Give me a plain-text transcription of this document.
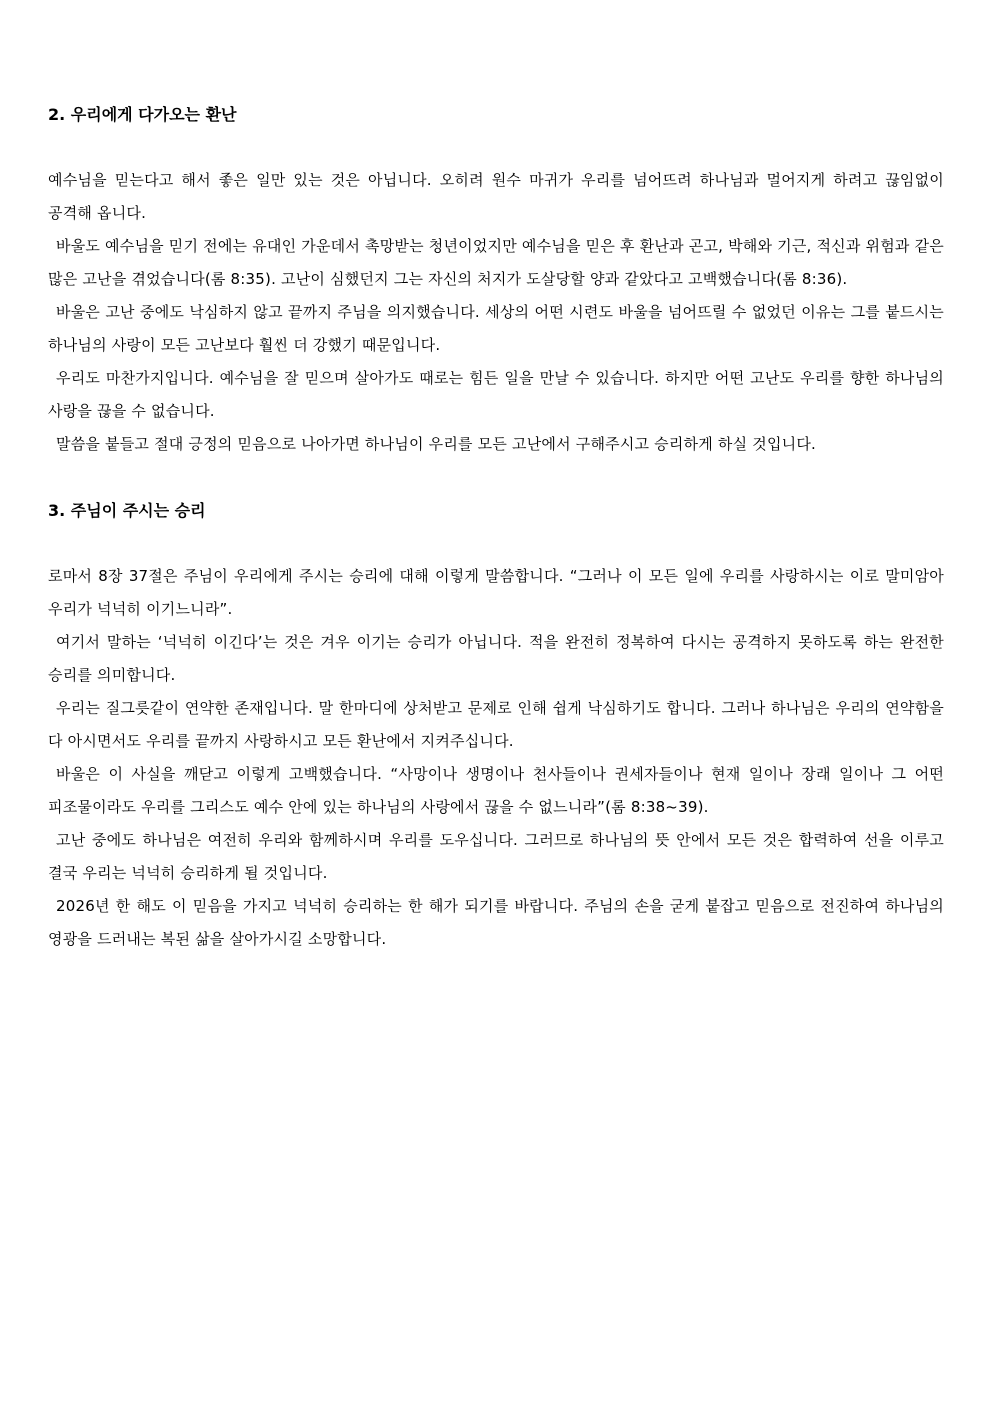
2. 우리에게 다가오는 환난

예수님을 믿는다고 해서 좋은 일만 있는 것은 아닙니다. 오히려 원수 마귀가 우리를 넘어뜨려 하나님과 멀어지게 하려고 끊임없이 공격해 옵니다.

바울도 예수님을 믿기 전에는 유대인 가운데서 촉망받는 청년이었지만 예수님을 믿은 후 환난과 곤고, 박해와 기근, 적신과 위험과 같은 많은 고난을 겪었습니다(롬 8:35). 고난이 심했던지 그는 자신의 처지가 도살당할 양과 같았다고 고백했습니다(롬 8:36).

바울은 고난 중에도 낙심하지 않고 끝까지 주님을 의지했습니다. 세상의 어떤 시련도 바울을 넘어뜨릴 수 없었던 이유는 그를 붙드시는 하나님의 사랑이 모든 고난보다 훨씬 더 강했기 때문입니다.

우리도 마찬가지입니다. 예수님을 잘 믿으며 살아가도 때로는 힘든 일을 만날 수 있습니다. 하지만 어떤 고난도 우리를 향한 하나님의 사랑을 끊을 수 없습니다.

말씀을 붙들고 절대 긍정의 믿음으로 나아가면 하나님이 우리를 모든 고난에서 구해주시고 승리하게 하실 것입니다.

3. 주님이 주시는 승리

로마서 8장 37절은 주님이 우리에게 주시는 승리에 대해 이렇게 말씀합니다. “그러나 이 모든 일에 우리를 사랑하시는 이로 말미암아 우리가 넉넉히 이기느니라”.

여기서 말하는 ‘넉넉히 이긴다’는 것은 겨우 이기는 승리가 아닙니다. 적을 완전히 정복하여 다시는 공격하지 못하도록 하는 완전한 승리를 의미합니다.

우리는 질그릇같이 연약한 존재입니다. 말 한마디에 상처받고 문제로 인해 쉽게 낙심하기도 합니다. 그러나 하나님은 우리의 연약함을 다 아시면서도 우리를 끝까지 사랑하시고 모든 환난에서 지켜주십니다.

바울은 이 사실을 깨닫고 이렇게 고백했습니다. “사망이나 생명이나 천사들이나 권세자들이나 현재 일이나 장래 일이나 그 어떤 피조물이라도 우리를 그리스도 예수 안에 있는 하나님의 사랑에서 끊을 수 없느니라”(롬 8:38~39).

고난 중에도 하나님은 여전히 우리와 함께하시며 우리를 도우십니다. 그러므로 하나님의 뜻 안에서 모든 것은 합력하여 선을 이루고 결국 우리는 넉넉히 승리하게 될 것입니다.

2026년 한 해도 이 믿음을 가지고 넉넉히 승리하는 한 해가 되기를 바랍니다. 주님의 손을 굳게 붙잡고 믿음으로 전진하여 하나님의 영광을 드러내는 복된 삶을 살아가시길 소망합니다.
